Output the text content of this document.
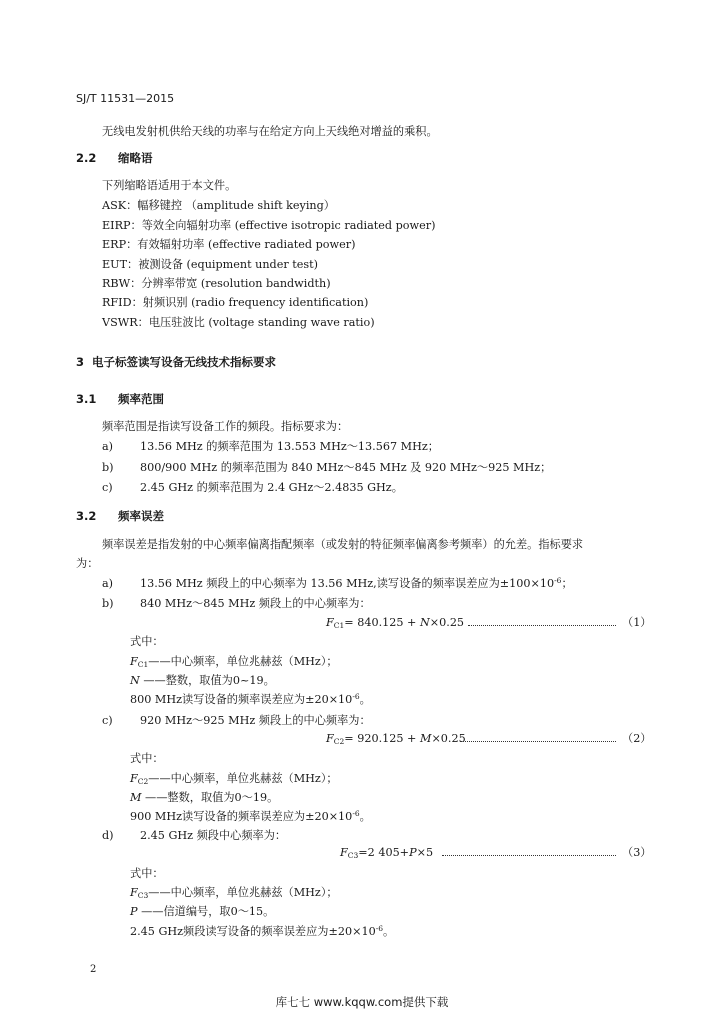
SJ/T 11531—2015
无线电发射机供给天线的功率与在给定方向上天线绝对增益的乘积。
2.2 缩略语
下列缩略语适用于本文件。
ASK：幅移键控 （amplitude shift keying）
EIRP：等效全向辐射功率 (effective isotropic radiated power)
ERP：有效辐射功率 (effective radiated power)
EUT：被测设备 (equipment under test)
RBW：分辨率带宽 (resolution bandwidth)
RFID：射频识别 (radio frequency identification)
VSWR：电压驻波比 (voltage standing wave ratio)
3 电子标签读写设备无线技术指标要求
3.1 频率范围
频率范围是指读写设备工作的频段。指标要求为：
a) 13.56 MHz 的频率范围为 13.553 MHz～13.567 MHz；
b) 800/900 MHz 的频率范围为 840 MHz～845 MHz 及 920 MHz～925 MHz；
c) 2.45 GHz 的频率范围为 2.4 GHz～2.4835 GHz。
3.2 频率误差
频率误差是指发射的中心频率偏离指配频率（或发射的特征频率偏离参考频率）的允差。指标要求
为：
a) 13.56 MHz 频段上的中心频率为 13.56 MHz,读写设备的频率误差应为$\pm 100\times 10^{-6}$；
b) 840 MHz～845 MHz 频段上的中心频率为：
$F_{C1}= 840.125 + N\times 0.25$	（1）
式中：
$F_{C1}——$中心频率，单位兆赫兹（MHz）；
N ——整数，取值为0~19。
800 MHz读写设备的频率误差应为$\pm 20\times 10^{-6}$。
c) 920 MHz～925 MHz 频段上的中心频率为：
$F_{C2}= 920.125 + M\times 0.25$	（2）
式中：
$F_{C2}——$中心频率，单位兆赫兹（MHz）；
M ——整数，取值为0～19。
900 MHz读写设备的频率误差应为$\pm 20\times 10^{-6}$。
d) 2.45 GHz 频段中心频率为：
$F_{C3}=2$ 405+P×5	（3）
式中：
$F_{C3}——$中心频率，单位兆赫兹（MHz）；
P ——信道编号，取0～15。
2.45 GHz频段读写设备的频率误差应为$\pm 20\times 10^{-6}$。
2
库七七 www.kqqw.com提供下载
